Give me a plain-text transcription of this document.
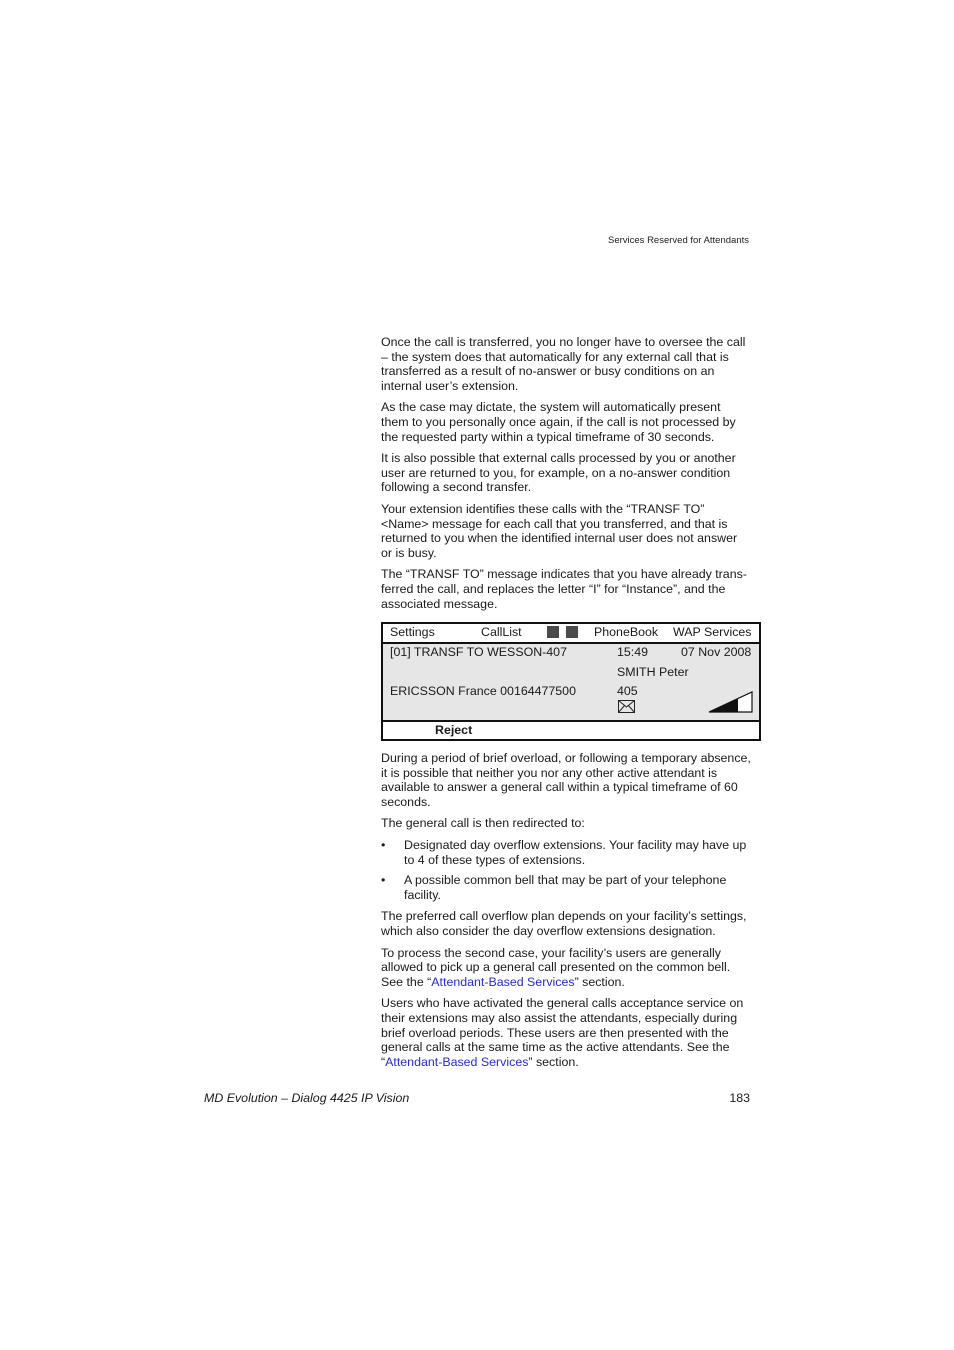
Services Reserved for Attendants

Once the call is transferred, you no longer have to oversee the call – the system does that automatically for any external call that is transferred as a result of no-answer or busy conditions on an internal user’s extension.

As the case may dictate, the system will automatically present them to you personally once again, if the call is not processed by the requested party within a typical timeframe of 30 seconds.

It is also possible that external calls processed by you or another user are returned to you, for example, on a no-answer condition following a second transfer.

Your extension identifies these calls with the “TRANSF TO” <Name> message for each call that you transferred, and that is returned to you when the identified internal user does not answer or is busy.

The “TRANSF TO” message indicates that you have already trans-ferred the call, and replaces the letter “I” for “Instance”, and the associated message.

Settings	CallList	PhoneBook WAP Services
[01] TRANSF TO WESSON-407	15:49	07 Nov 2008
SMITH Peter
ERICSSON France 00164477500	405
Reject

During a period of brief overload, or following a temporary absence, it is possible that neither you nor any other active attendant is available to answer a general call within a typical timeframe of 60 seconds.

The general call is then redirected to:

• Designated day overflow extensions. Your facility may have up to 4 of these types of extensions.
• A possible common bell that may be part of your telephone facility.

The preferred call overflow plan depends on your facility’s settings, which also consider the day overflow extensions designation.

To process the second case, your facility’s users are generally allowed to pick up a general call presented on the common bell. See the “Attendant-Based Services” section.

Users who have activated the general calls acceptance service on their extensions may also assist the attendants, especially during brief overload periods. These users are then presented with the general calls at the same time as the active attendants. See the “Attendant-Based Services” section.

MD Evolution – Dialog 4425 IP Vision	183
